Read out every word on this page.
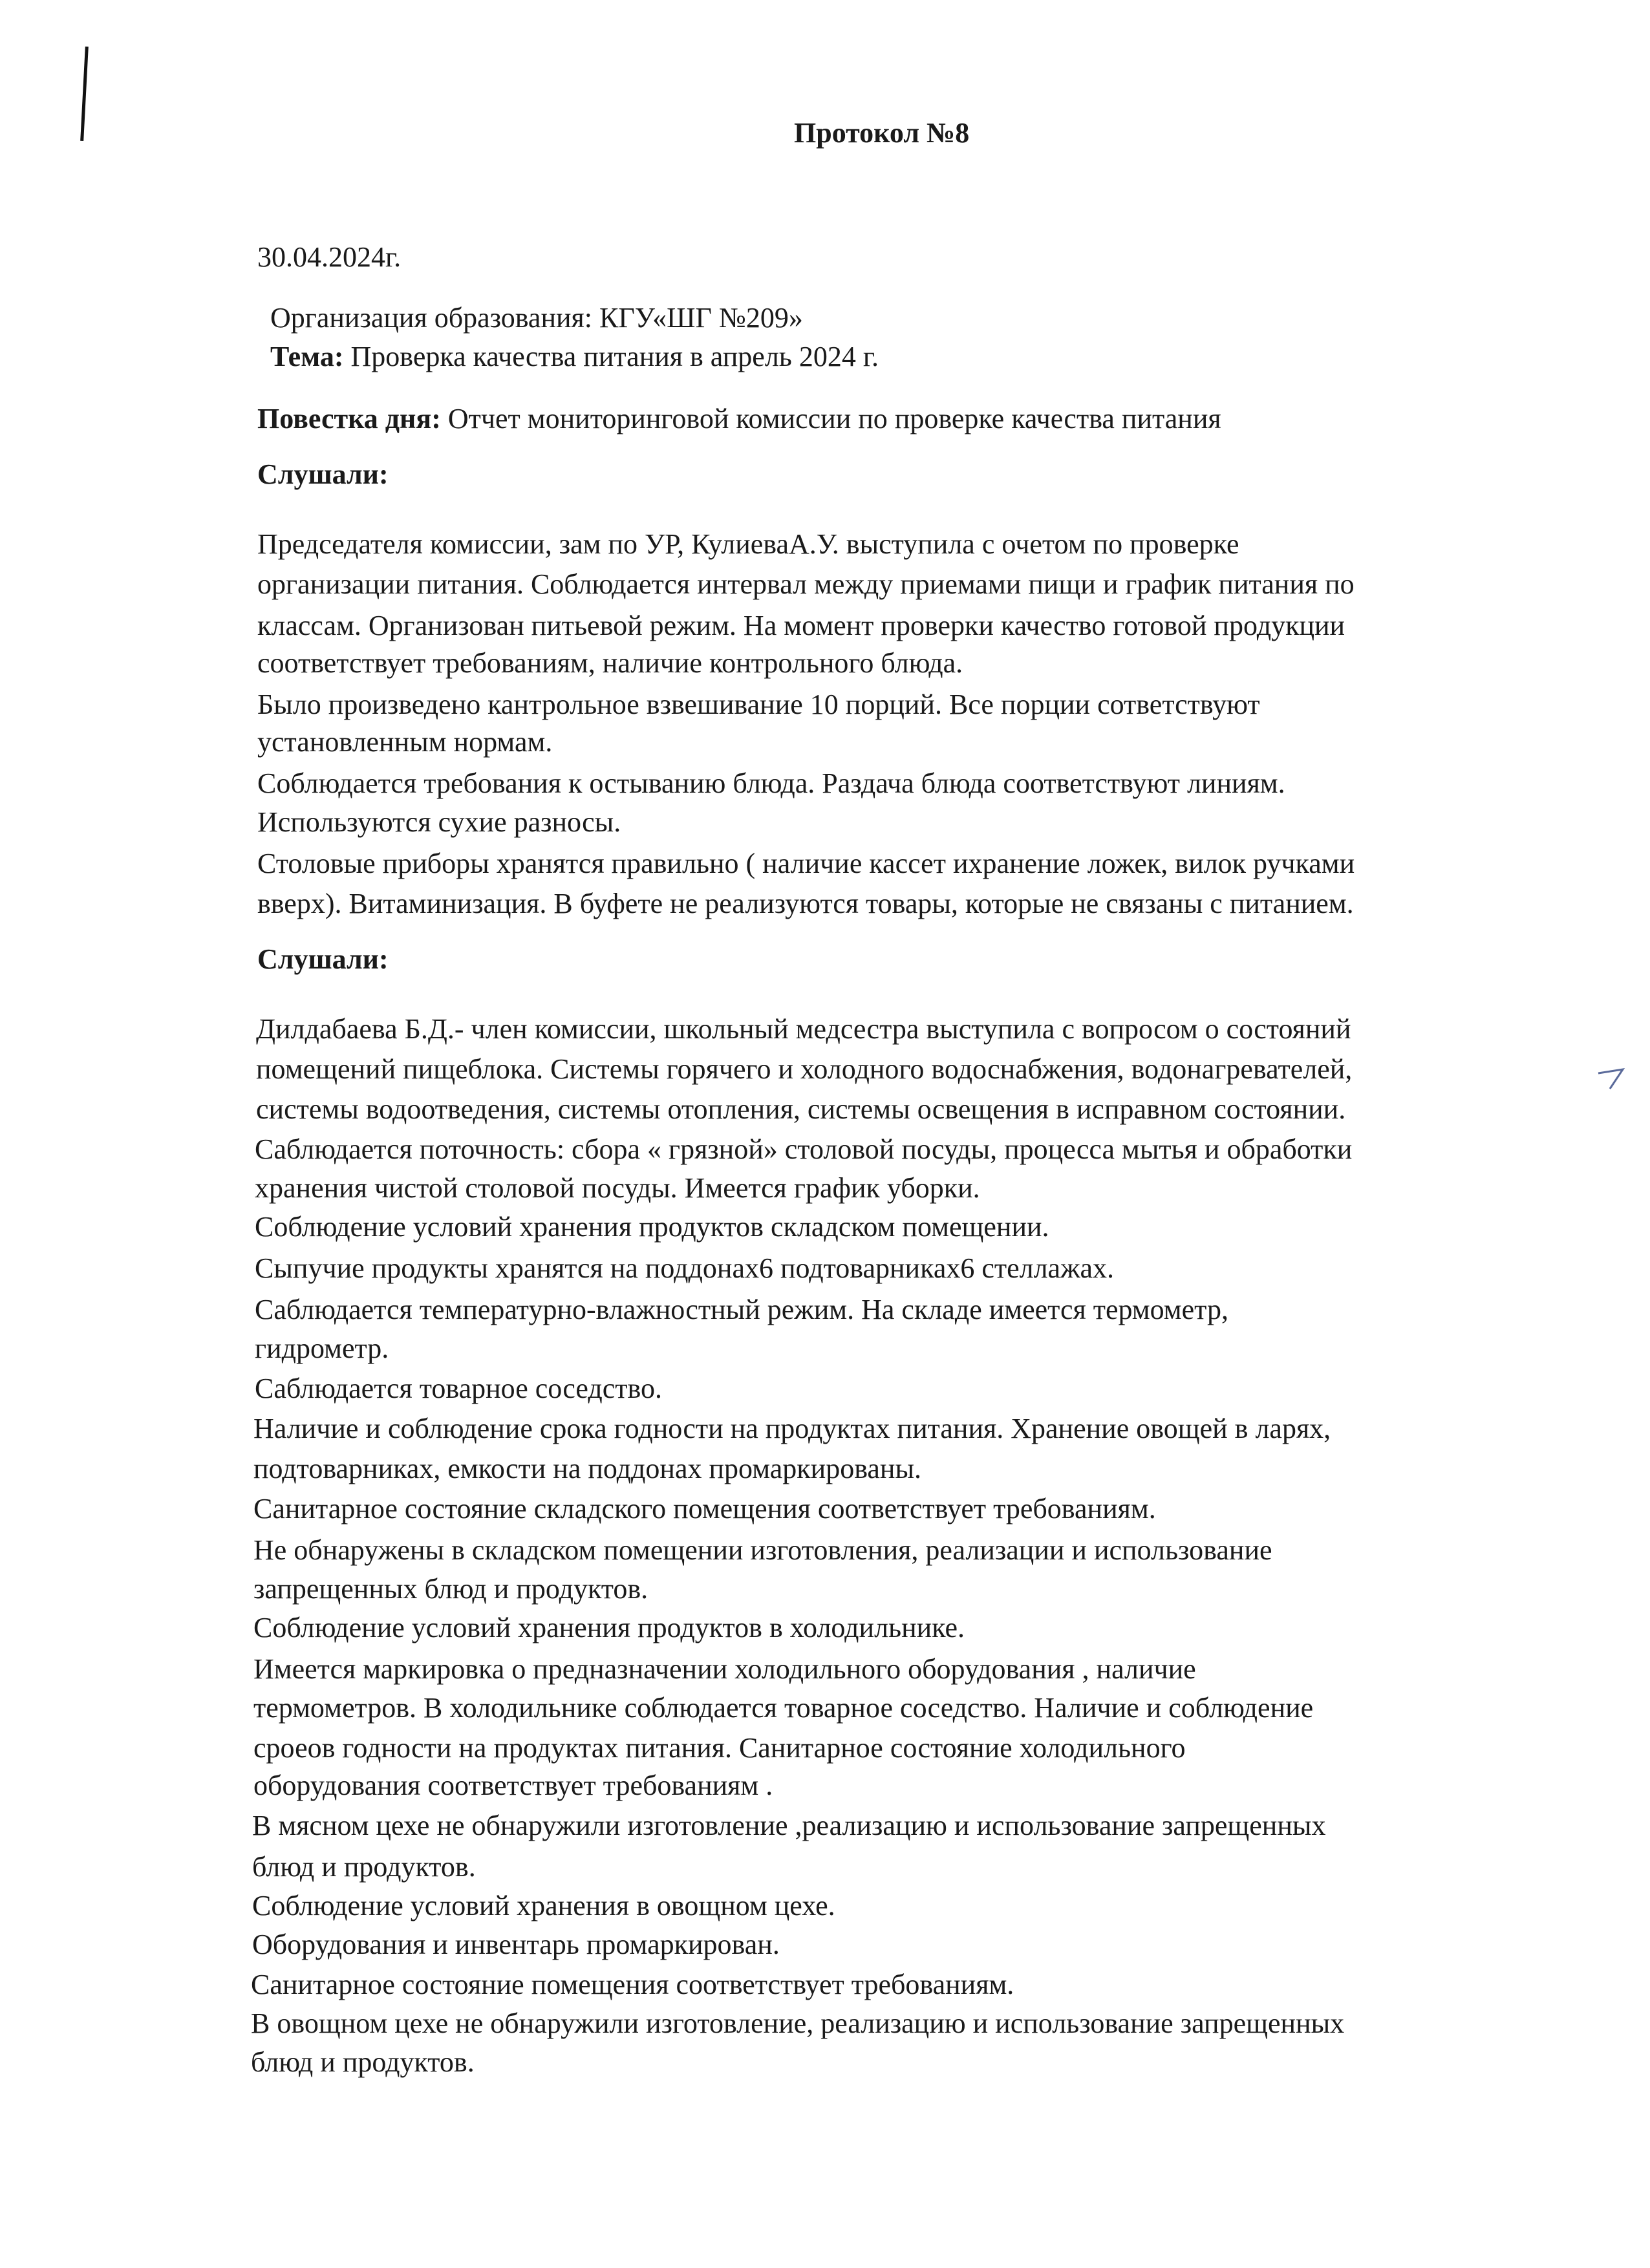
Протокол №8
30.04.2024г.
Организация образования: КГУ«ШГ №209»
Тема: Проверка качества питания в апрель 2024 г.
Повестка дня: Отчет мониторинговой комиссии по проверке качества питания
Слушали:
Председателя комиссии, зам по УР, КулиеваА.У. выступила с очетом по проверке
организации питания. Соблюдается интервал между приемами пищи и график питания по
классам. Организован питьевой режим. На момент проверки качество готовой продукции
соответствует требованиям, наличие контрольного блюда.
Было произведено кантрольное взвешивание 10 порций. Все порции сответствуют
установленным нормам.
Соблюдается требования к остыванию блюда. Раздача блюда соответствуют линиям.
Используются сухие разносы.
Столовые приборы хранятся правильно ( наличие кассет ихранение ложек, вилок ручками
вверх). Витаминизация. В буфете не реализуются товары, которые не связаны с питанием.
Слушали:
Дилдабаева Б.Д.- член комиссии, школьный медсестра выступила с вопросом о состояний
помещений пищеблока. Системы горячего и холодного водоснабжения, водонагревателей,
системы водоотведения, системы отопления, системы освещения в исправном состоянии.
Саблюдается поточность: сбора « грязной» столовой посуды, процесса мытья и обработки
хранения чистой столовой посуды. Имеется график уборки.
Соблюдение условий хранения продуктов складском помещении.
Сыпучие продукты хранятся на поддонах6 подтоварниках6 стеллажах.
Саблюдается температурно-влажностный режим. На складе имеется термометр,
гидрометр.
Саблюдается товарное соседство.
Наличие и соблюдение срока годности на продуктах питания. Хранение овощей в ларях,
подтоварниках, емкости на поддонах промаркированы.
Санитарное состояние складского помещения соответствует требованиям.
Не обнаружены в складском помещении изготовления, реализации и использование
запрещенных блюд и продуктов.
Соблюдение условий хранения продуктов в холодильнике.
Имеется маркировка о предназначении холодильного оборудования , наличие
термометров. В холодильнике соблюдается товарное соседство. Наличие и соблюдение
сроеов годности на продуктах питания. Санитарное состояние холодильного
оборудования соответствует требованиям .
В мясном цехе не обнаружили изготовление ,реализацию и использование запрещенных
блюд и продуктов.
Соблюдение условий хранения в овощном цехе.
Оборудования и инвентарь промаркирован.
Санитарное состояние помещения соответствует требованиям.
В овощном цехе не обнаружили изготовление, реализацию и использование запрещенных
блюд и продуктов.
